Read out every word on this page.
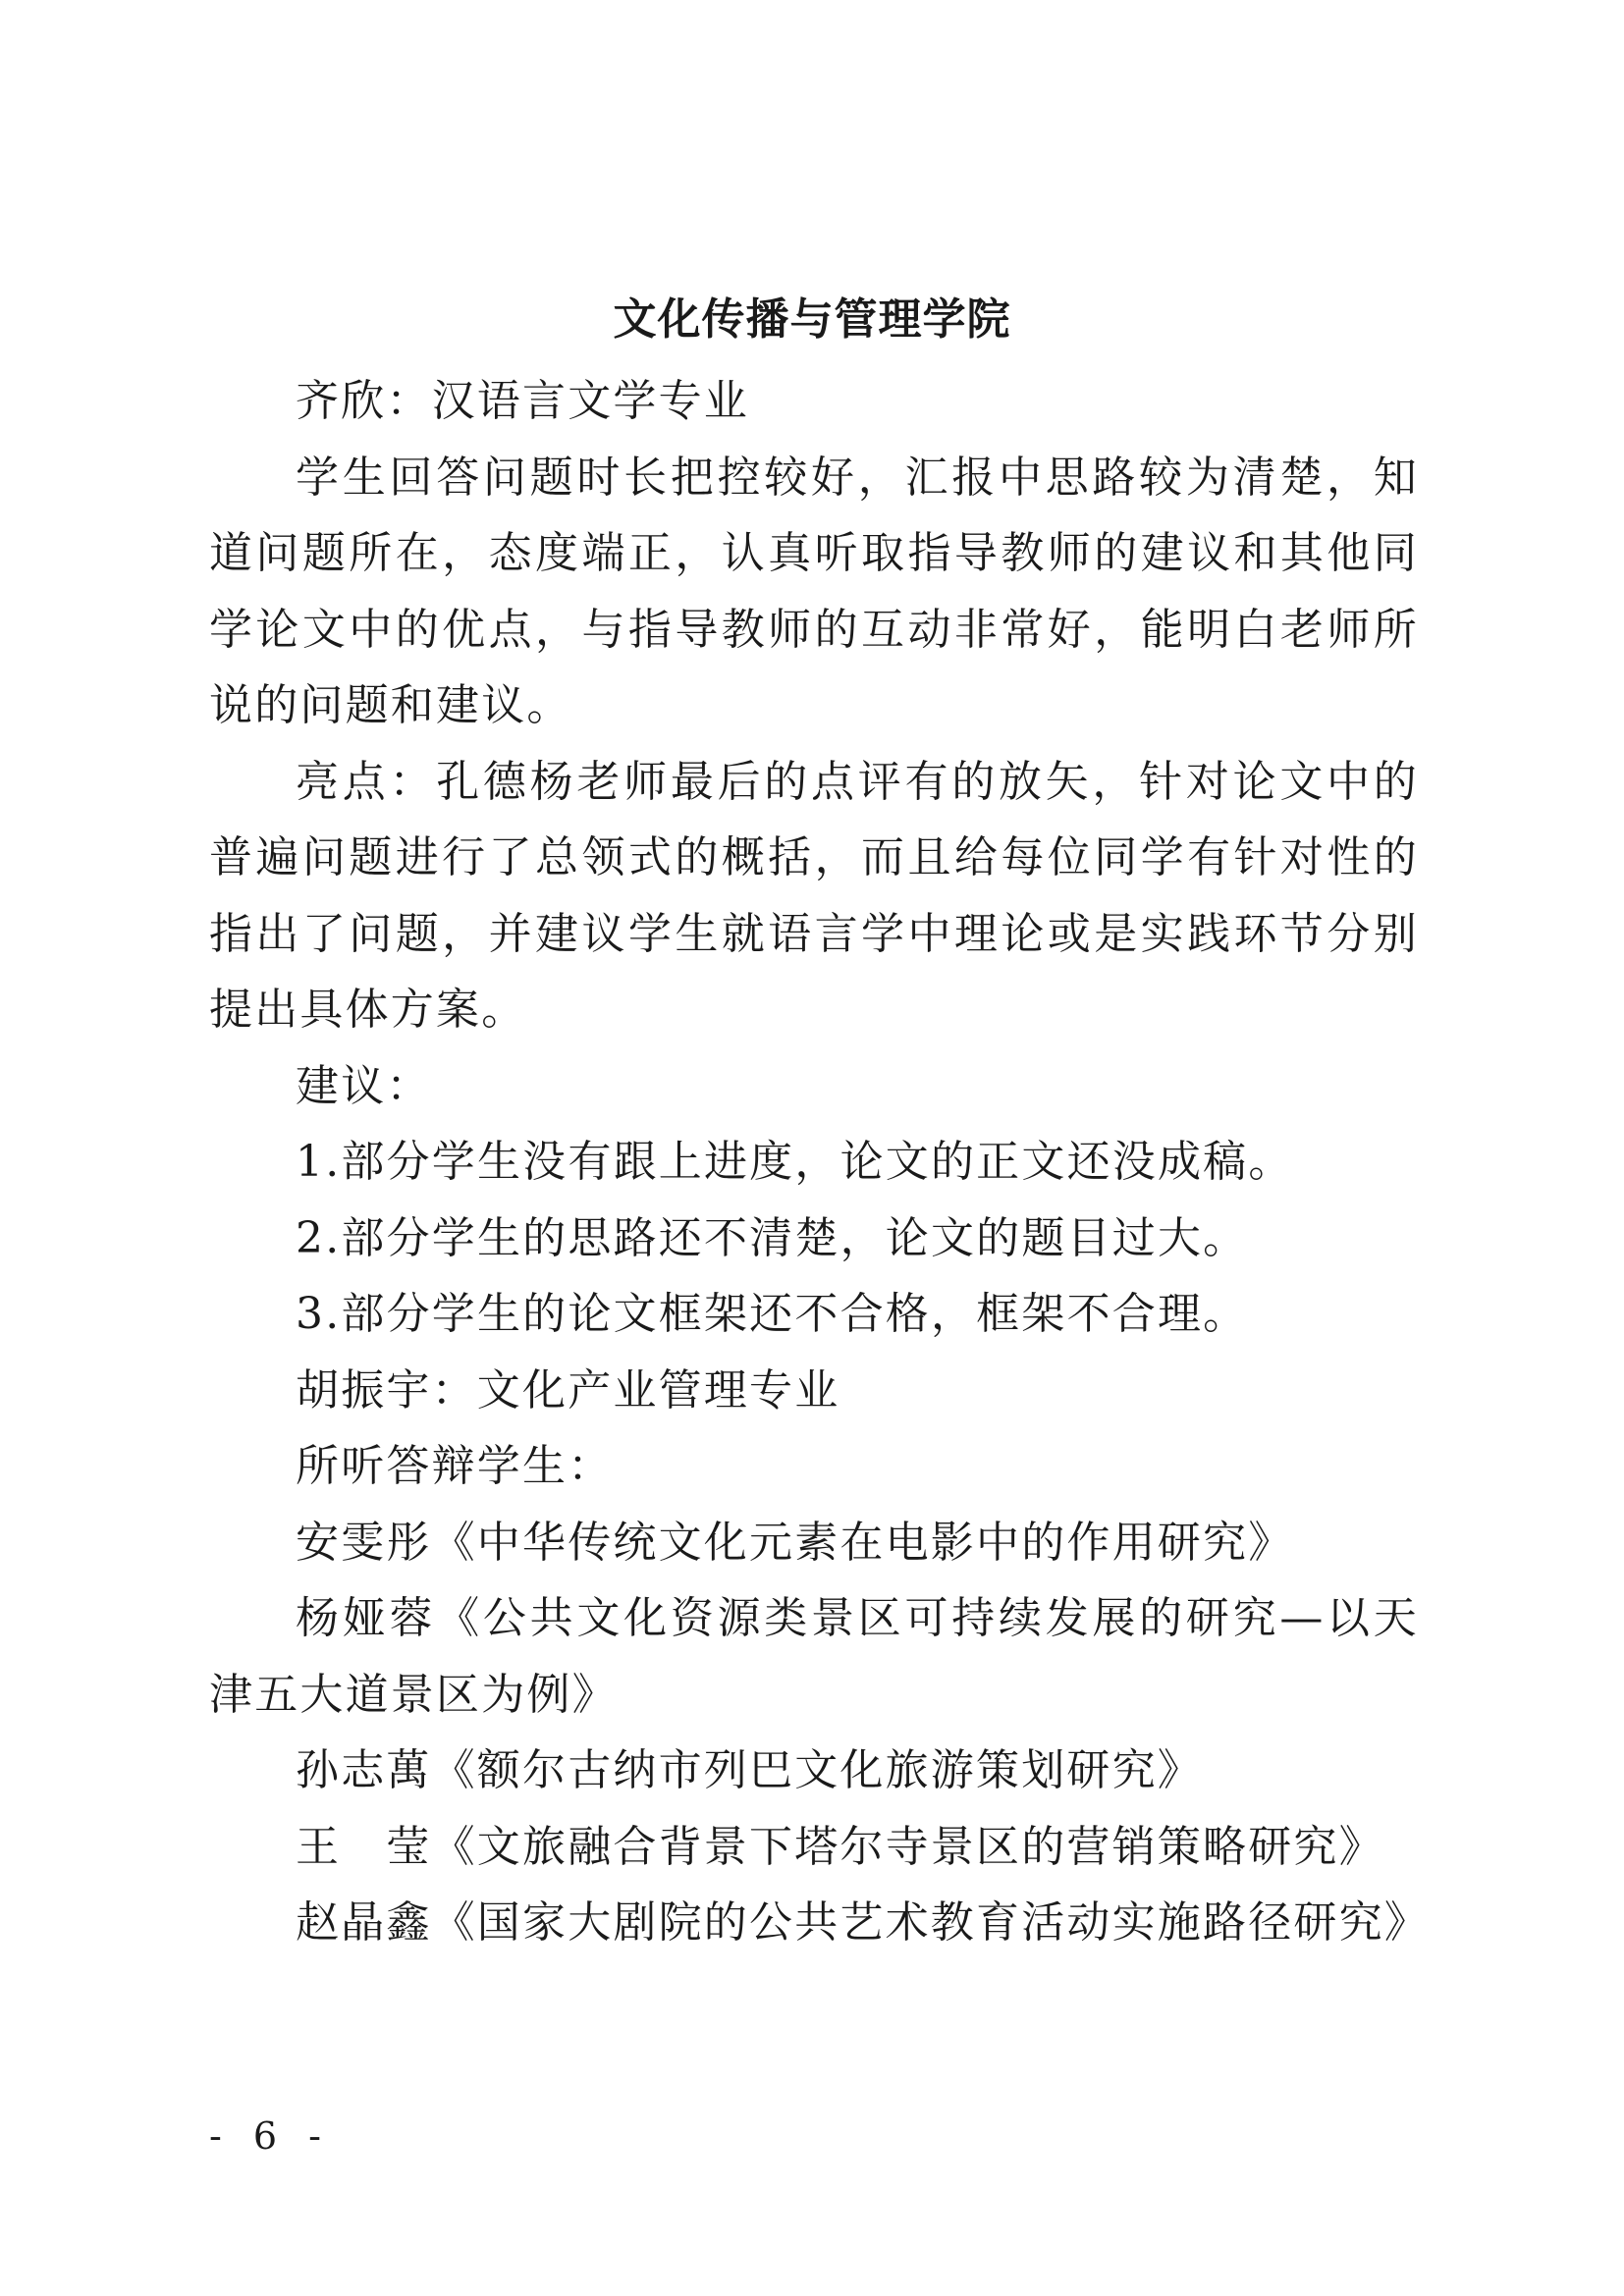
文化传播与管理学院

齐欣：汉语言文学专业

学生回答问题时长把控较好，汇报中思路较为清楚，知道问题所在，态度端正，认真听取指导教师的建议和其他同学论文中的优点，与指导教师的互动非常好，能明白老师所说的问题和建议。

亮点：孔德杨老师最后的点评有的放矢，针对论文中的普遍问题进行了总领式的概括，而且给每位同学有针对性的指出了问题，并建议学生就语言学中理论或是实践环节分别提出具体方案。

建议：

1.部分学生没有跟上进度，论文的正文还没成稿。

2.部分学生的思路还不清楚，论文的题目过大。

3.部分学生的论文框架还不合格，框架不合理。

胡振宇：文化产业管理专业

所听答辩学生：

安雯彤《中华传统文化元素在电影中的作用研究》

杨娅蓉《公共文化资源类景区可持续发展的研究—以天津五大道景区为例》

孙志萬《额尔古纳市列巴文化旅游策划研究》

王　莹《文旅融合背景下塔尔寺景区的营销策略研究》

赵晶鑫《国家大剧院的公共艺术教育活动实施路径研究》

- 6 -
